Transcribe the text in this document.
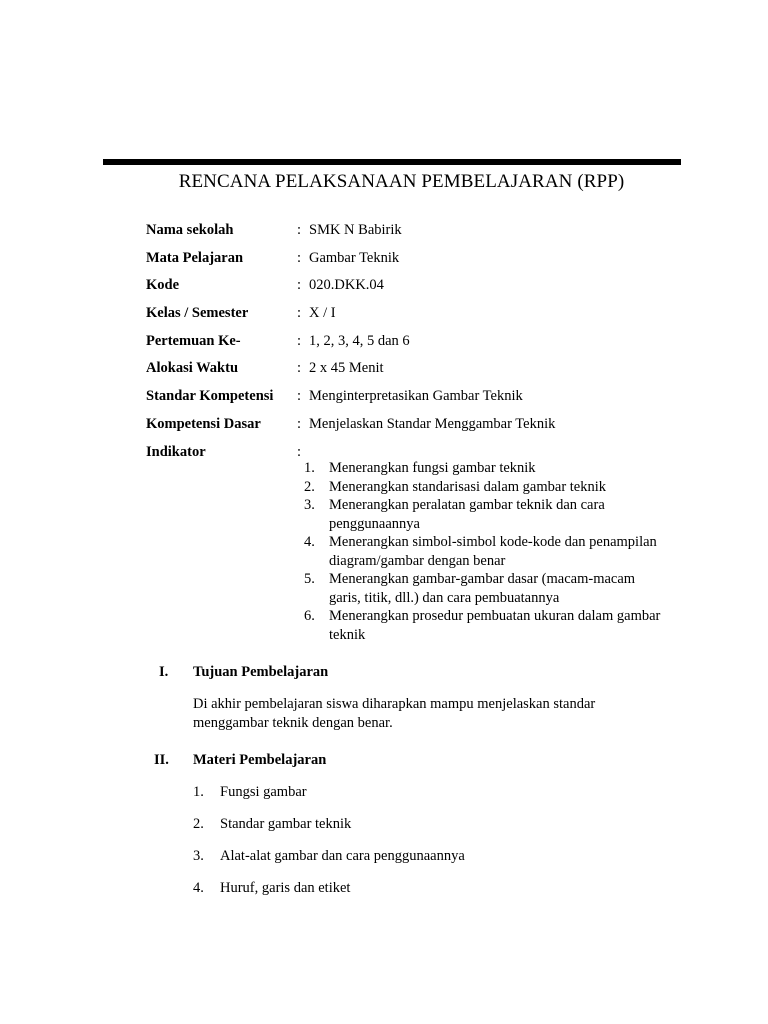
RENCANA PELAKSANAAN PEMBELAJARAN (RPP)
Nama sekolah	: SMK N Babirik
Mata Pelajaran	: Gambar Teknik
Kode	: 020.DKK.04
Kelas / Semester	: X / I
Pertemuan Ke-	: 1, 2, 3, 4, 5 dan 6
Alokasi Waktu	: 2 x 45 Menit
Standar Kompetensi : Menginterpretasikan Gambar Teknik
Kompetensi Dasar : Menjelaskan Standar Menggambar Teknik
Indikator	:
1. Menerangkan fungsi gambar teknik
2. Menerangkan standarisasi dalam gambar teknik
3. Menerangkan peralatan gambar teknik dan cara penggunaannya
4. Menerangkan simbol-simbol kode-kode dan penampilan diagram/gambar dengan benar
5. Menerangkan gambar-gambar dasar (macam-macam garis, titik, dll.) dan cara pembuatannya
6. Menerangkan prosedur pembuatan ukuran dalam gambar teknik
I. Tujuan Pembelajaran
Di akhir pembelajaran siswa diharapkan mampu menjelaskan standar menggambar teknik dengan benar.
II. Materi Pembelajaran
1. Fungsi gambar
2. Standar gambar teknik
3. Alat-alat gambar dan cara penggunaannya
4. Huruf, garis dan etiket
